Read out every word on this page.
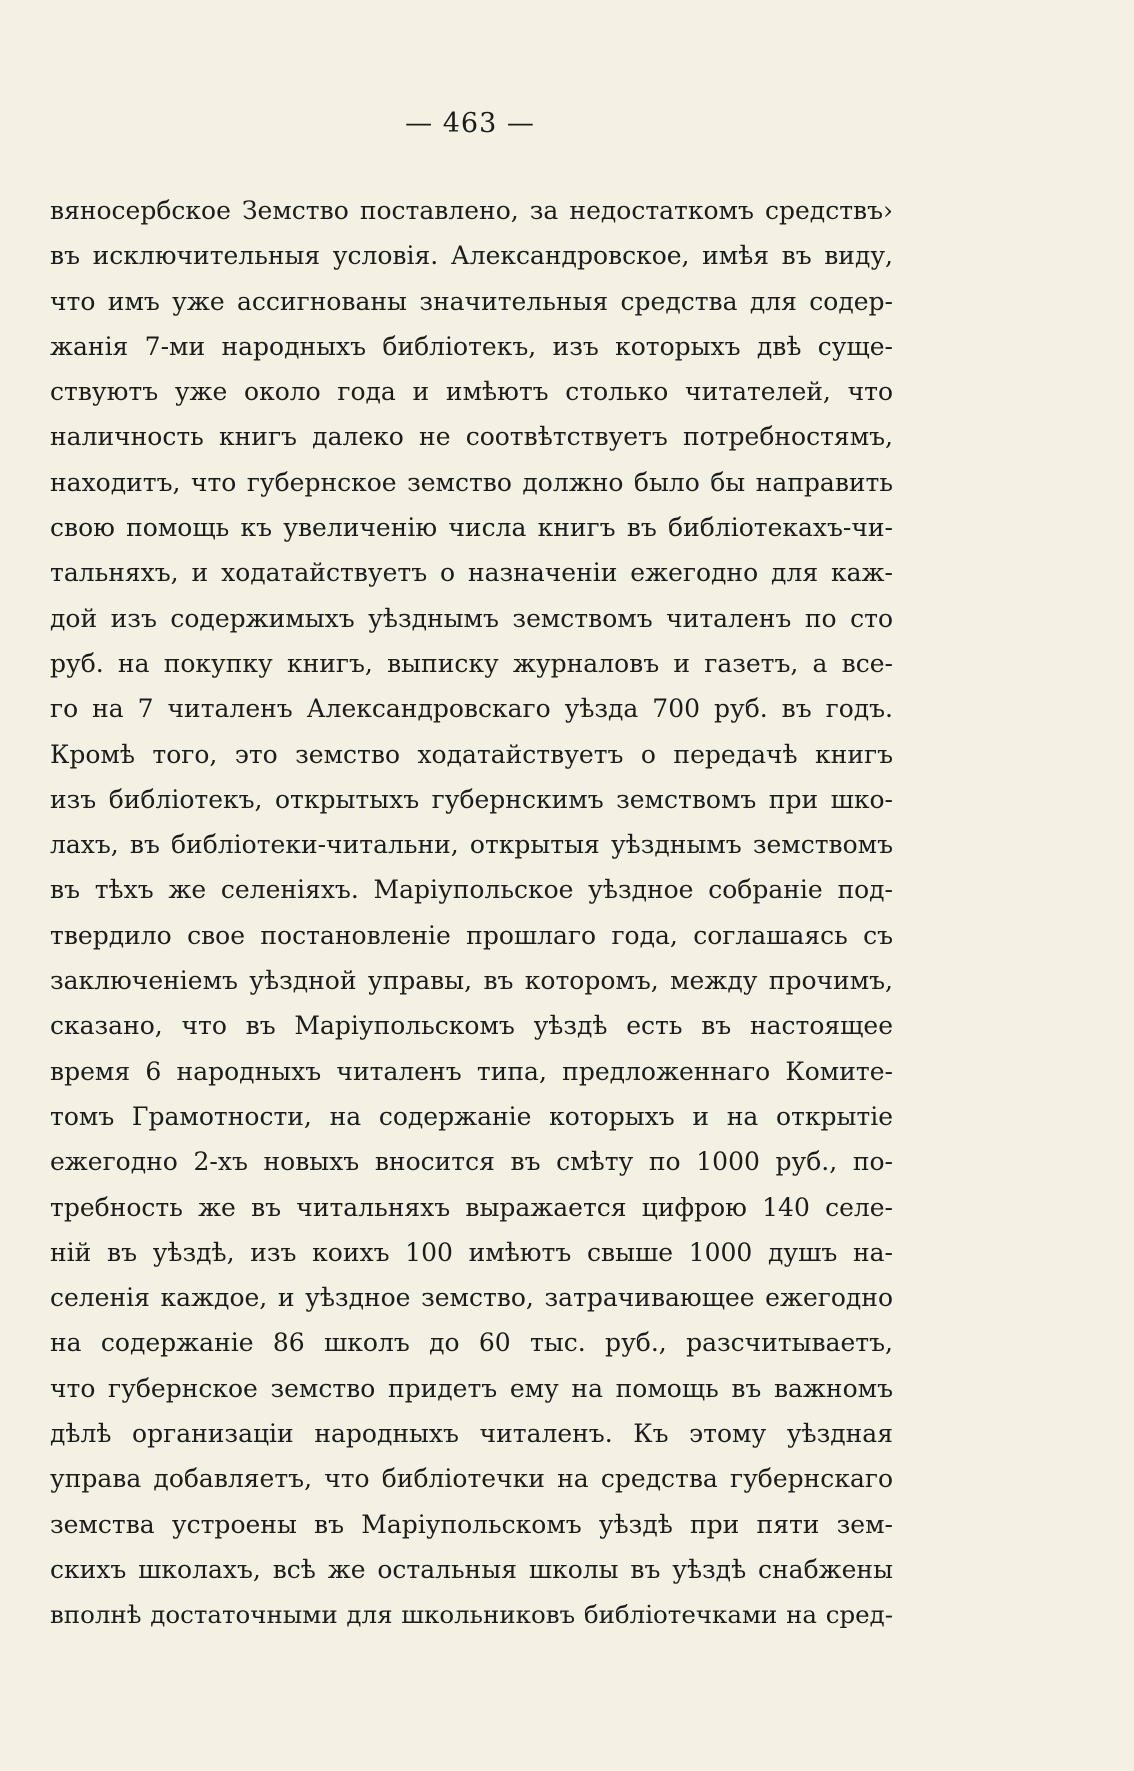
— 463 —
вяносербское Земство поставлено, за недостаткомъ средствъ›
въ исключительныя условія. Александровское, имѣя въ виду,
что имъ уже ассигнованы значительныя средства для содер-
жанія 7-ми народныхъ библіотекъ, изъ которыхъ двѣ суще-
ствуютъ уже около года и имѣютъ столько читателей, что
наличность книгъ далеко не соотвѣтствуетъ потребностямъ,
находитъ, что губернское земство должно было бы направить
свою помощь къ увеличенію числа книгъ въ библіотекахъ-чи-
тальняхъ, и ходатайствуетъ о назначеніи ежегодно для каж-
дой изъ содержимыхъ уѣзднымъ земствомъ читаленъ по сто
руб. на покупку книгъ, выписку журналовъ и газетъ, а все-
го на 7 читаленъ Александровскаго уѣзда 700 руб. въ годъ.
Кромѣ того, это земство ходатайствуетъ о передачѣ книгъ
изъ библіотекъ, открытыхъ губернскимъ земствомъ при шко-
лахъ, въ библіотеки-читальни, открытыя уѣзднымъ земствомъ
въ тѣхъ же селеніяхъ. Маріупольское уѣздное собраніе под-
твердило свое постановленіе прошлаго года, соглашаясь съ
заключеніемъ уѣздной управы, въ которомъ, между прочимъ,
сказано, что въ Маріупольскомъ уѣздѣ есть въ настоящее
время 6 народныхъ читаленъ типа, предложеннаго Комите-
томъ Грамотности, на содержаніе которыхъ и на открытіе
ежегодно 2-хъ новыхъ вносится въ смѣту по 1000 руб., по-
требность же въ читальняхъ выражается цифрою 140 селе-
ній въ уѣздѣ, изъ коихъ 100 имѣютъ свыше 1000 душъ на-
селенія каждое, и уѣздное земство, затрачивающее ежегодно
на содержаніе 86 школъ до 60 тыс. руб., разсчитываетъ,
что губернское земство придетъ ему на помощь въ важномъ
дѣлѣ организаціи народныхъ читаленъ. Къ этому уѣздная
управа добавляетъ, что библіотечки на средства губернскаго
земства устроены въ Маріупольскомъ уѣздѣ при пяти зем-
скихъ школахъ, всѣ же остальныя школы въ уѣздѣ снабжены
вполнѣ достаточными для школьниковъ библіотечками на сред-
